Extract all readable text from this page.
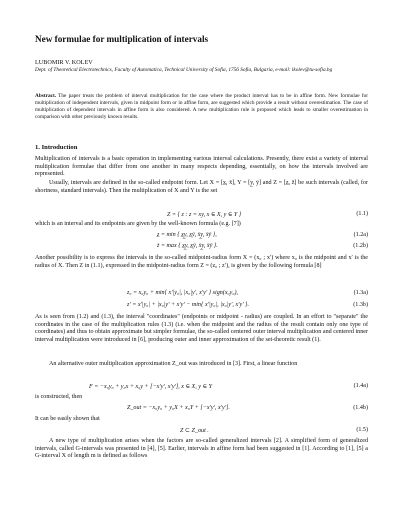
New formulae for multiplication of intervals
LUBOMIR V. KOLEV
Dept. of Theoretical Electrotechnics, Faculty of Automatica, Technical University of Sofia, 1756 Sofia, Bulgaria, e-mail: lkolev@tu-sofia.bg
Abstract. The paper treats the problem of interval multiplication for the case where the product interval has to be in affine form. New formulae for multiplication of independent intervals, given in midpoint form or in affine form, are suggested which provide a result without overestimation. The case of multiplication of dependent intervals in affine form is also considered. A new multiplication rule is proposed which leads to smaller overestimation in comparison with other previously known results.
1. Introduction
Multiplication of intervals is a basic operation in implementing various interval calculations. Presently, there exist a variety of interval multiplication formulae that differ from one another in many respects depending, essentially, on how the intervals involved are represented.
Usually, intervals are defined in the so-called endpoint form. Let X = [x̲, x̄], Y = [y̲, ȳ] and Z = [z̲, z̄] be such intervals (called, for shortness, standard intervals). Then the multiplication of X and Y is the set
Z = { z : z = xy, x ∈ X, y ∈ Y }	(1.1)
which is an interval and its endpoints are given by the well-known formula (e.g. [7])
z̲ = min { x̲y̲, x̲ȳ, x̄y̲, x̄ȳ },	(1.2a)
z̄ = max { x̲y̲, x̲ȳ, x̄y̲, x̄ȳ }.	(1.2b)
Another possibility is to express the intervals in the so-called midpoint-radius form X = (x₀ ; x′) where x₀ is the midpoint and x′ is the radius of X. Then Z in (1.1), expressed in the midpoint-radius form Z = (z₀ ; z′), is given by the following formula [8]
z₀ = x₀y₀ + min{ x′|y₀|, |x₀|y′, x′y′ } sign(x₀y₀),	(1.3a)
z′ = x′|y₀| + |x₀|y′ + x′y′ − min{ x′|y₀|, |x₀|y′, x′y′ }.	(1.3b)
As is seen from (1.2) and (1.3), the interval "coordinates" (endpoints or midpoint - radius) are coupled. In an effort to "separate" the coordinates in the case of the multiplication rules (1.3) (i.e. when the midpoint and the radius of the result contain only one type of coordinates) and thus to obtain approximate but simpler formulae, the so-called centered outer interval multiplication and centered inner interval multiplication were introduced in [6], producing outer and inner approximation of the set-theoretic result (1).
An alternative outer multiplication approximation Z_out was introduced in [3]. First, a linear function
F = −x₀y₀ + y₀x + x₀y + [−x′y′, x′y′], x ∈ X, y ∈ Y	(1.4a)
is constructed, then
Z_out = −x₀y₀ + y₀X + x₀Y + [−x′y′, x′y′].	(1.4b)
It can be easily shown that
Z ⊂ Z_out .	(1.5)
A new type of multiplication arises when the factors are so-called generalized intervals [2]. A simplified form of generalized intervals, called G-intervals was presented in [4], [5]. Earlier, intervals in affine form had been suggested in [1]. According to [1], [5] a G-interval X of length m is defined as follows
